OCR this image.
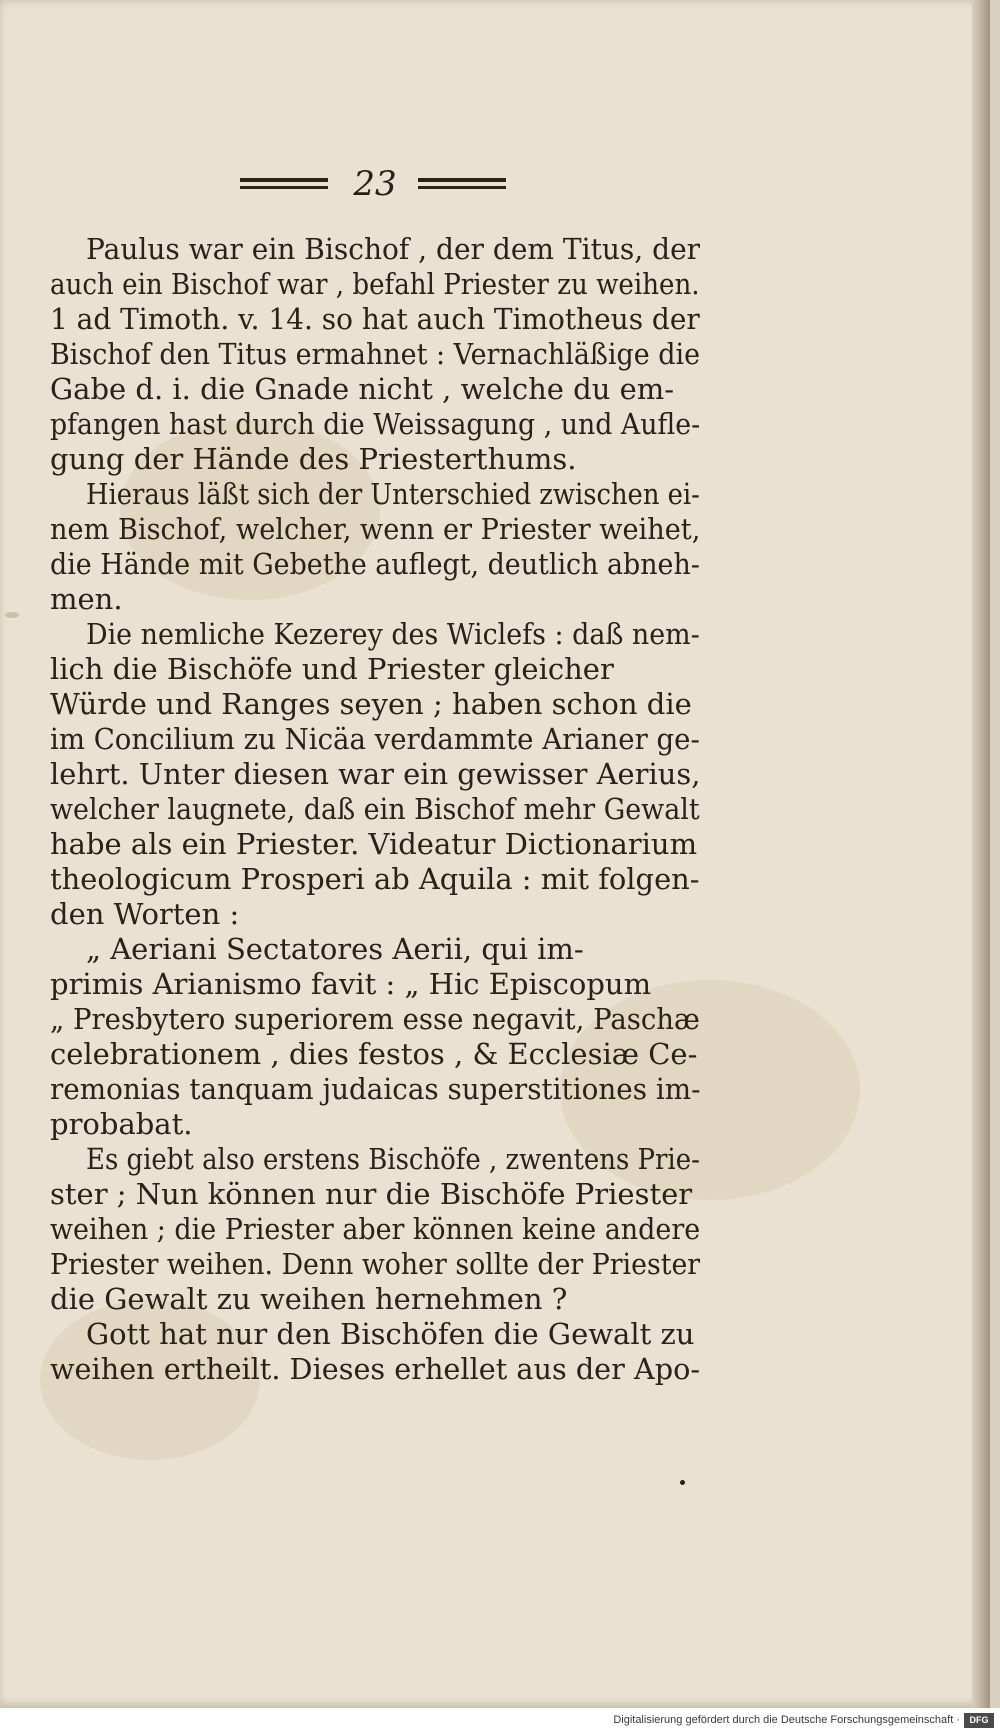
23
Paulus war ein Bischof , der dem Titus, der
auch ein Bischof war , befahl Priester zu weihen.
1 ad Timoth. v. 14. so hat auch Timotheus der
Bischof den Titus ermahnet : Vernachläßige die
Gabe d. i. die Gnade nicht , welche du em-
pfangen hast durch die Weissagung , und Aufle-
gung der Hände des Priesterthums.
Hieraus läßt sich der Unterschied zwischen ei-
nem Bischof, welcher, wenn er Priester weihet,
die Hände mit Gebethe auflegt, deutlich abneh-
men.
Die nemliche Kezerey des Wiclefs : daß nem-
lich die Bischöfe und Priester gleicher
Würde und Ranges seyen ; haben schon die
im Concilium zu Nicäa verdammte Arianer ge-
lehrt. Unter diesen war ein gewisser Aerius,
welcher laugnete, daß ein Bischof mehr Gewalt
habe als ein Priester. Videatur Dictionarium
theologicum Prosperi ab Aquila : mit folgen-
den Worten :
„ Aeriani Sectatores Aerii, qui im-
primis Arianismo favit : „ Hic Episcopum
„ Presbytero superiorem esse negavit, Paschæ
celebrationem , dies festos , & Ecclesiæ Ce-
remonias tanquam judaicas superstitiones im-
probabat.
Es giebt also erstens Bischöfe , zwentens Prie-
ster ; Nun können nur die Bischöfe Priester
weihen ; die Priester aber können keine andere
Priester weihen. Denn woher sollte der Priester
die Gewalt zu weihen hernehmen ?
Gott hat nur den Bischöfen die Gewalt zu
weihen ertheilt. Dieses erhellet aus der Apo-
Digitalisierung gefördert durch die Deutsche Forschungsgemeinschaft ·	DFG
